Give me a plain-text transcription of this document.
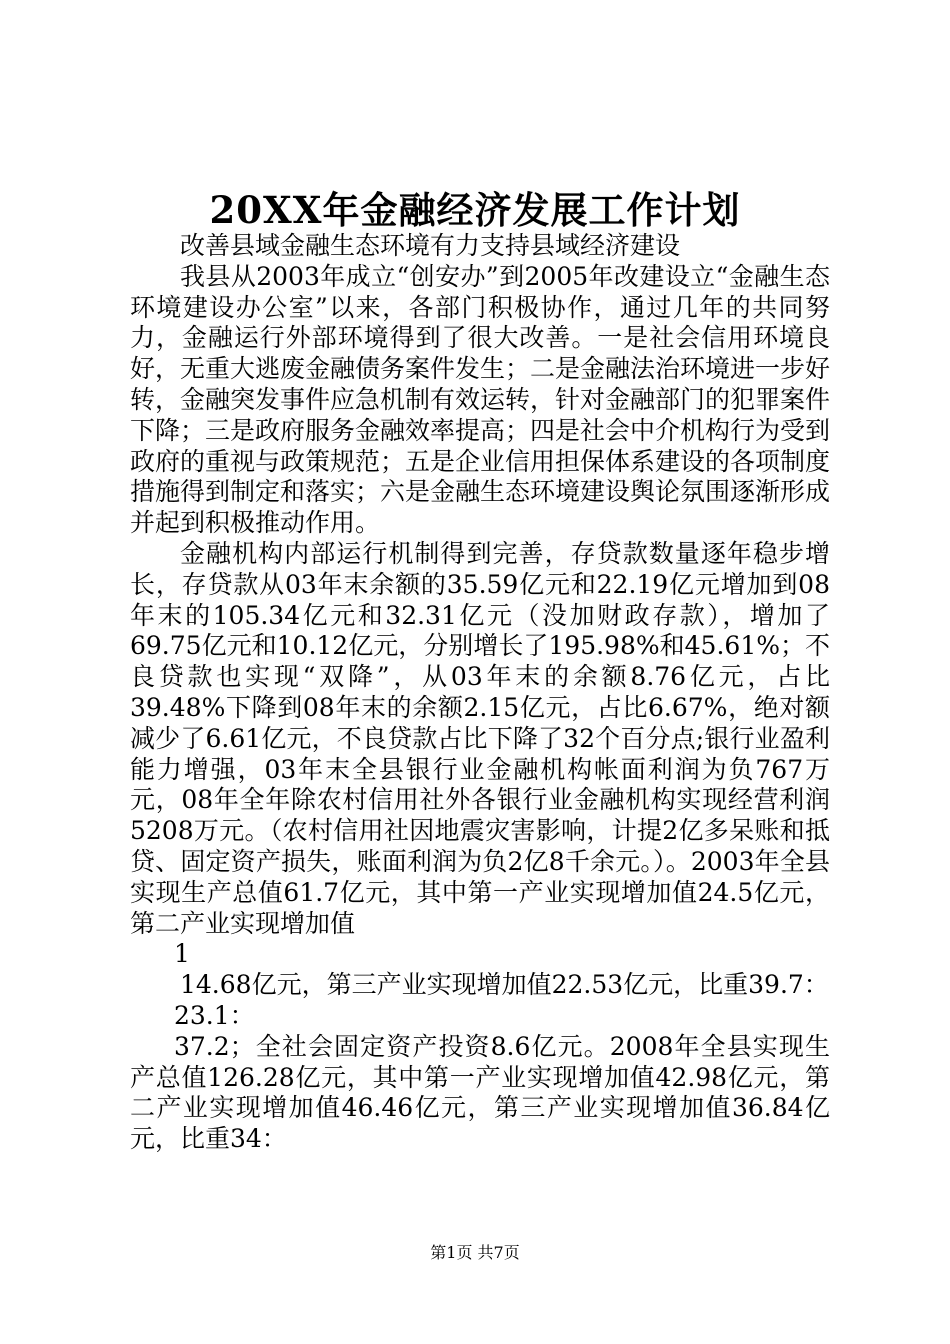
20XX年金融经济发展工作计划

改善县域金融生态环境有力支持县域经济建设

我县从2003年成立“创安办”到2005年改建设立“金融生态环境建设办公室”以来，各部门积极协作，通过几年的共同努力，金融运行外部环境得到了很大改善。一是社会信用环境良好，无重大逃废金融债务案件发生；二是金融法治环境进一步好转，金融突发事件应急机制有效运转，针对金融部门的犯罪案件下降；三是政府服务金融效率提高；四是社会中介机构行为受到政府的重视与政策规范；五是企业信用担保体系建设的各项制度措施得到制定和落实；六是金融生态环境建设舆论氛围逐渐形成并起到积极推动作用。

金融机构内部运行机制得到完善，存贷款数量逐年稳步增长，存贷款从03年末余额的35.59亿元和22.19亿元增加到08年末的105.34亿元和32.31亿元（没加财政存款），增加了69.75亿元和10.12亿元，分别增长了195.98%和45.61%；不良贷款也实现“双降”，从03年末的余额8.76亿元，占比39.48%下降到08年末的余额2.15亿元，占比6.67%，绝对额减少了6.61亿元，不良贷款占比下降了32个百分点;银行业盈利能力增强，03年末全县银行业金融机构帐面利润为负767万元，08年全年除农村信用社外各银行业金融机构实现经营利润5208万元。（农村信用社因地震灾害影响，计提2亿多呆账和抵贷、固定资产损失，账面利润为负2亿8千余元。）。2003年全县实现生产总值61.7亿元，其中第一产业实现增加值24.5亿元，第二产业实现增加值

1

14.68亿元，第三产业实现增加值22.53亿元，比重39.7：

23.1：

37.2；全社会固定资产投资8.6亿元。2008年全县实现生产总值126.28亿元，其中第一产业实现增加值42.98亿元，第二产业实现增加值46.46亿元，第三产业实现增加值36.84亿元，比重34：

第1页 共7页
